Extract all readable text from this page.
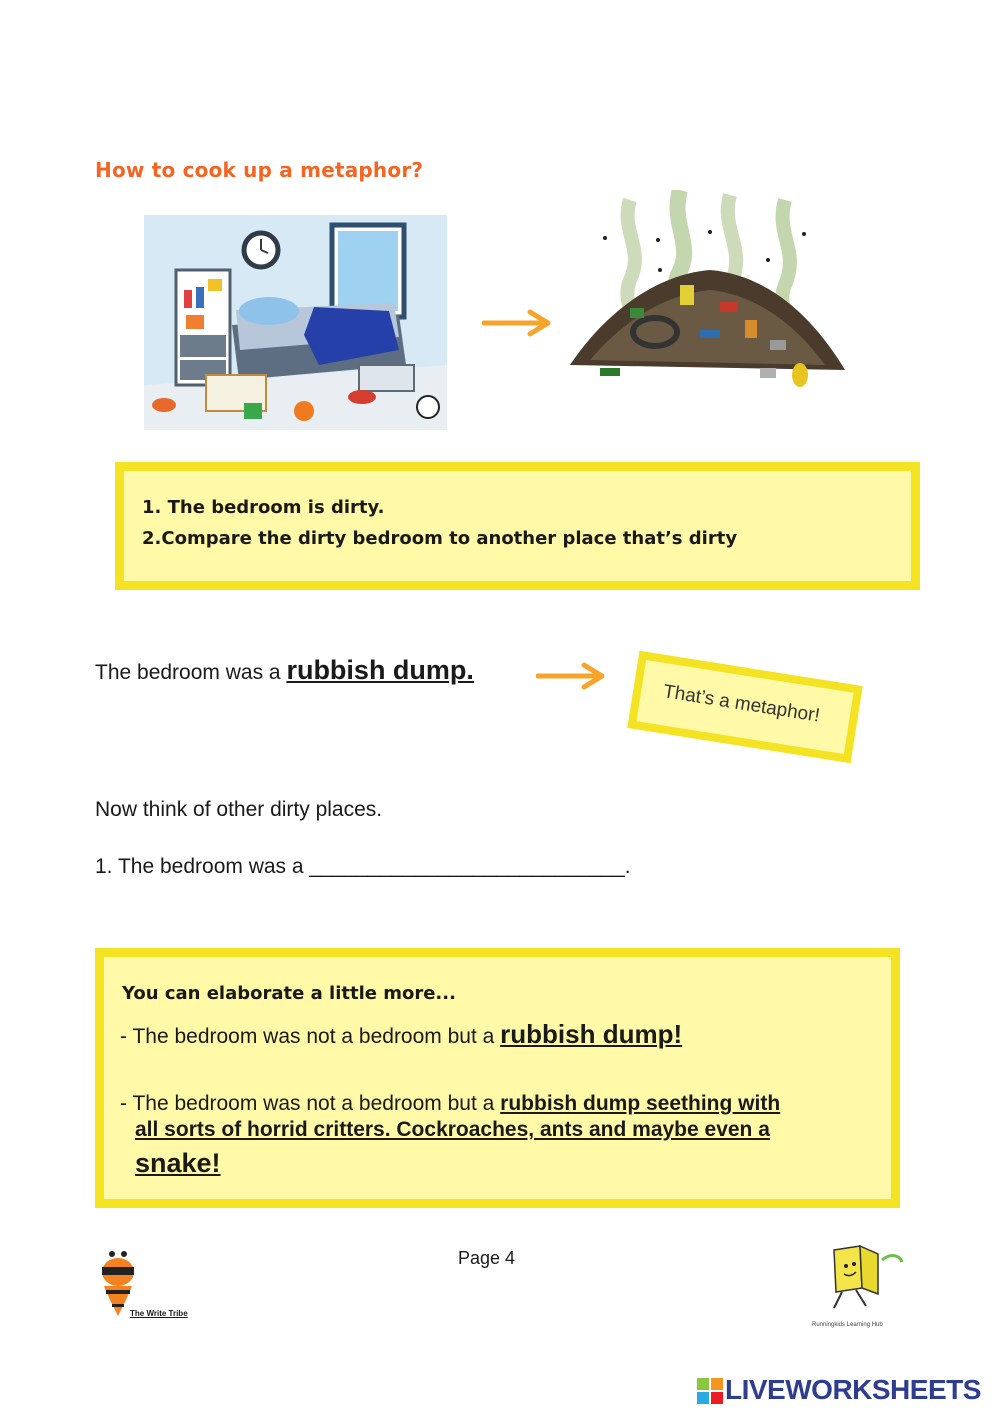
How to cook up a metaphor?
1. The bedroom is dirty.
2.Compare the dirty bedroom to another place that’s dirty
The bedroom was a rubbish dump.
That’s a metaphor!
Now think of other dirty places.
1. The bedroom was a ___________________________.
You can elaborate a little more...
- The bedroom was not a bedroom but a rubbish dump!
- The bedroom was not a bedroom but a rubbish dump seething with
all sorts of horrid critters. Cockroaches, ants and maybe even a
snake!
Page 4
The Write Tribe
Runningkids Learning Hub
LIVEWORKSHEETS
